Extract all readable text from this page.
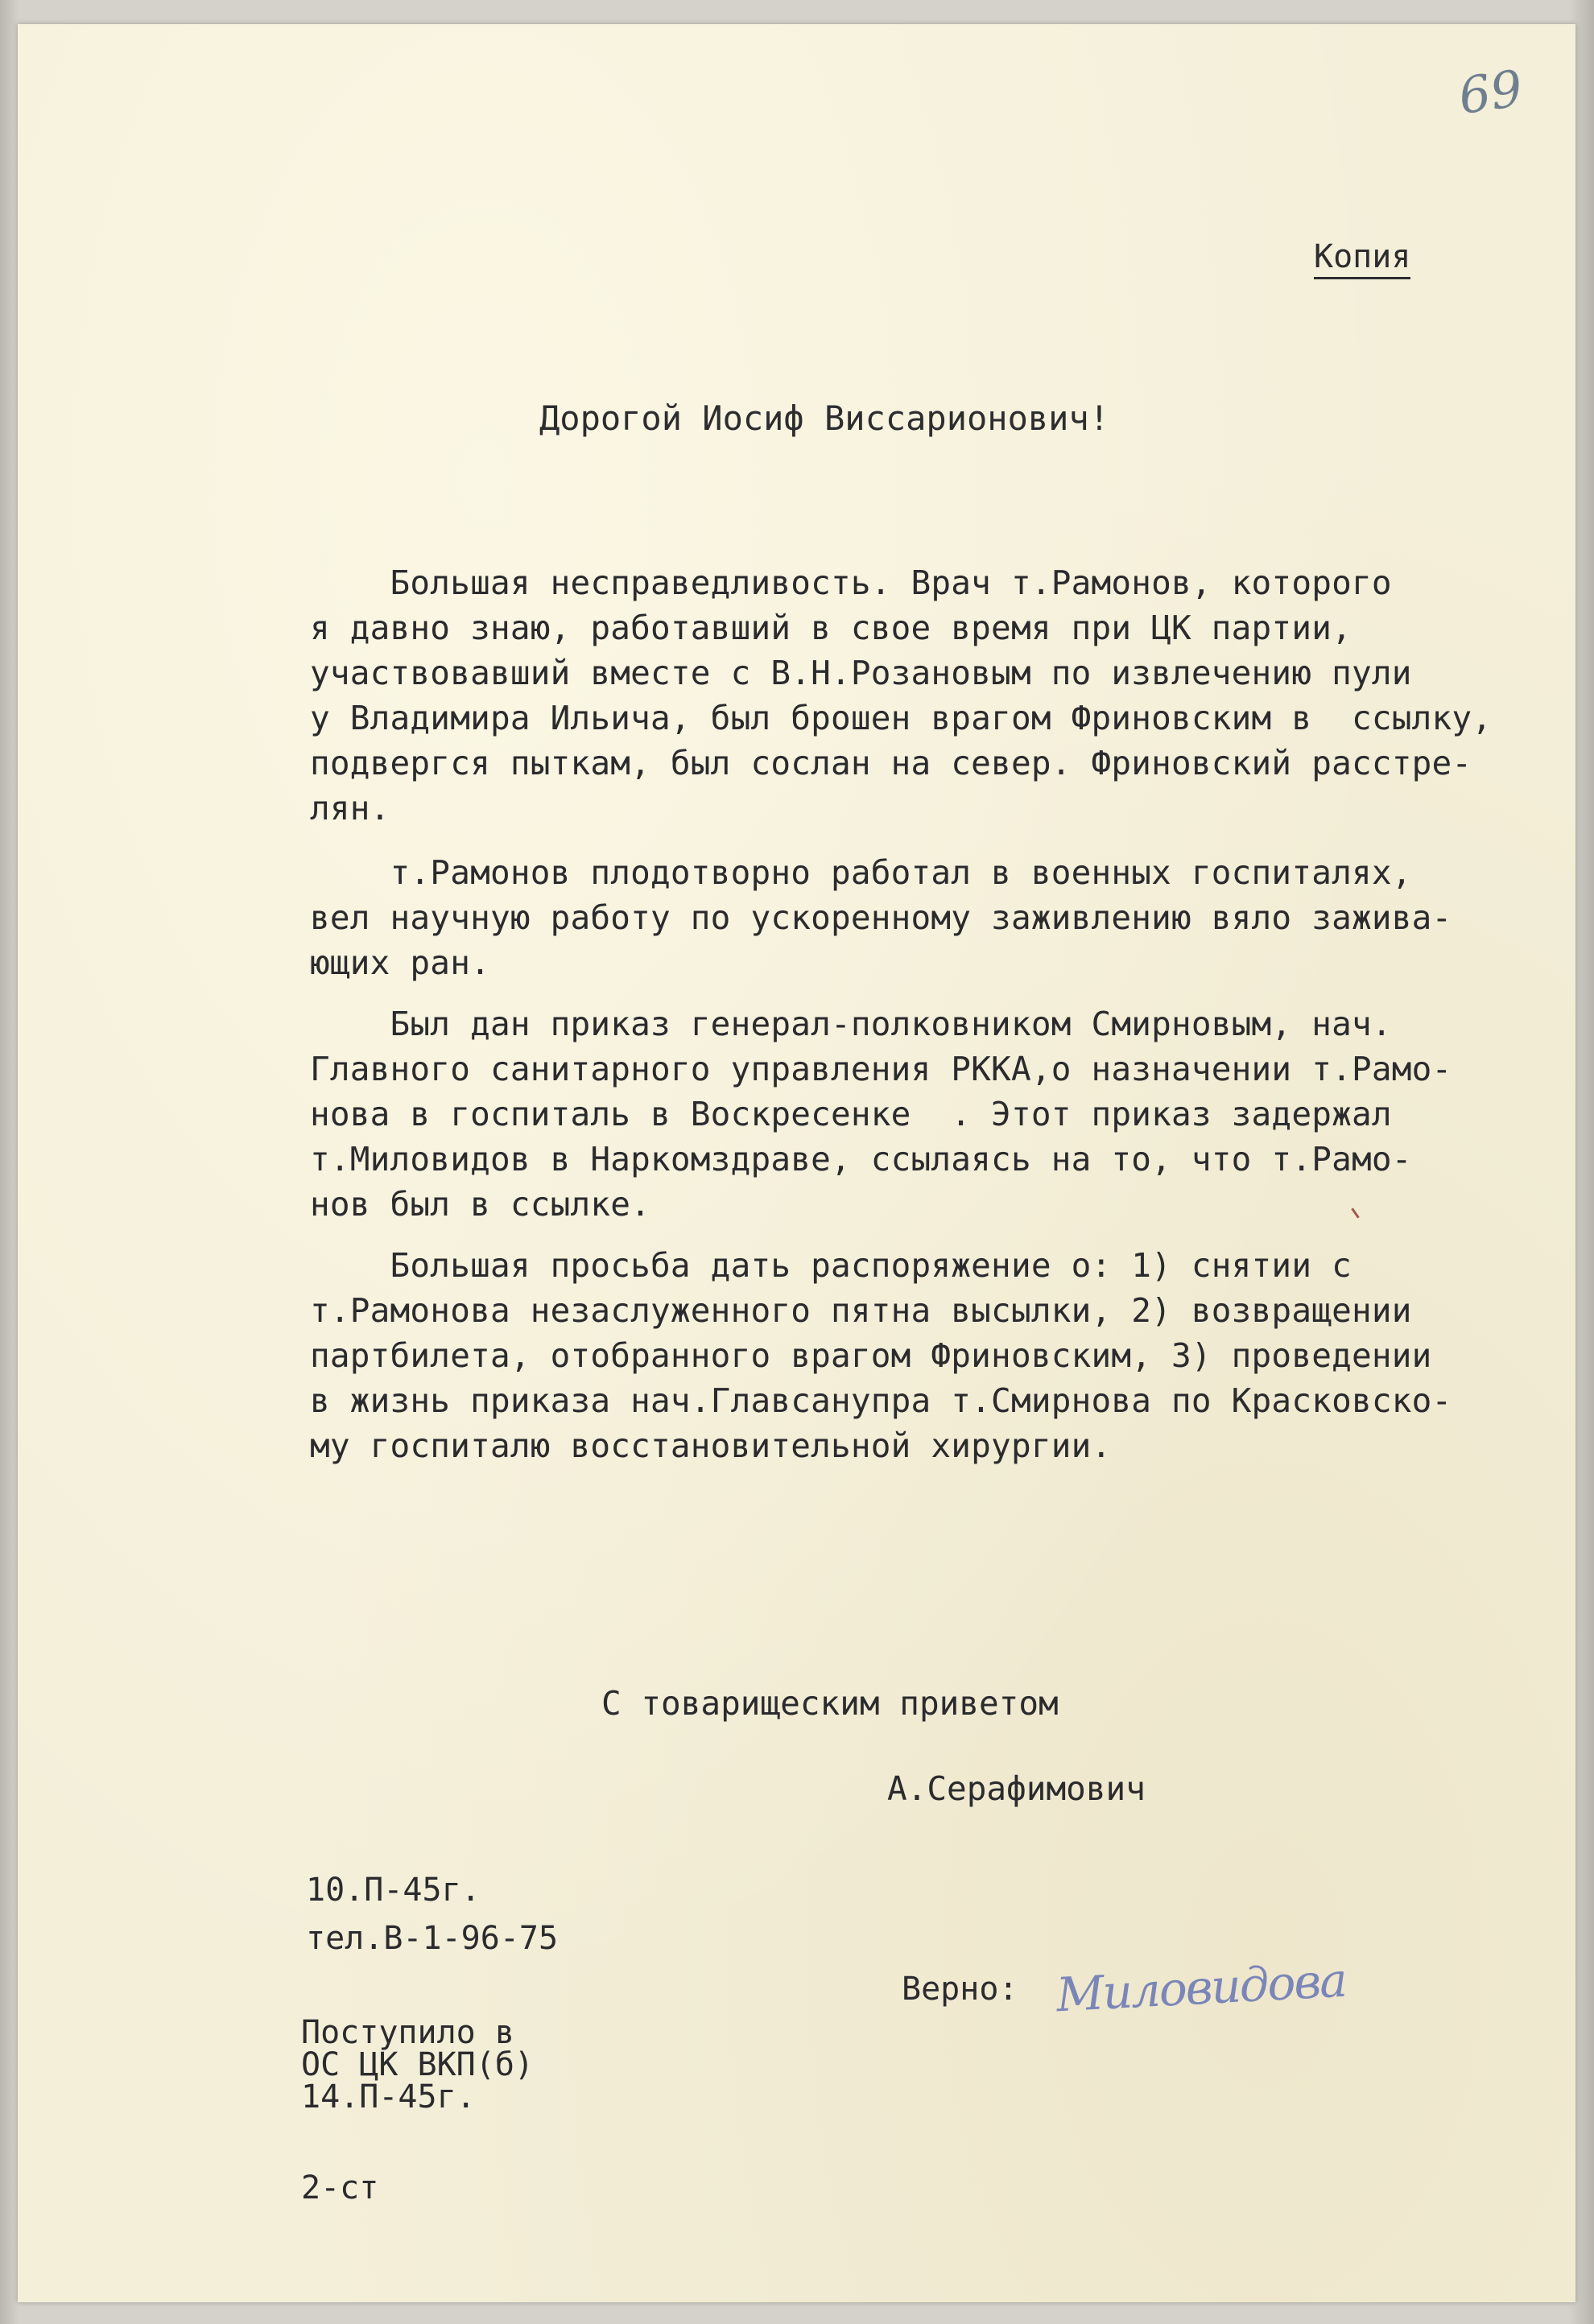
69
Копия
Дорогой Иосиф Виссарионович!
Большая несправедливость. Врач т.Рамонов, которого
я давно знаю, работавший в свое время при ЦК партии,
участвовавший вместе с В.Н.Розановым по извлечению пули
у Владимира Ильича, был брошен врагом Фриновским в  ссылку,
подвергся пыткам, был сослан на север. Фриновский расстре-
лян.
т.Рамонов плодотворно работал в военных госпиталях,
вел научную работу по ускоренному заживлению вяло заживa-
ющих ран.
Был дан приказ генерал-полковником Смирновым, нач.
Главного санитарного управления РККА,о назначении т.Рамо-
нова в госпиталь в Воскресенке  . Этот приказ задержал
т.Миловидов в Наркомздраве, ссылаясь на то, что т.Рамо-
нов был в ссылке.
Большая просьба дать распоряжение о: 1) снятии с
т.Рамонова незаслуженного пятна высылки, 2) возвращении
партбилета, отобранного врагом Фриновским, 3) проведении
в жизнь приказа нач.Главсанупра т.Смирнова по Красковско-
му госпиталю восстановительной хирургии.
С товарищеским приветом
А.Серафимович
10.П-45г.
тел.В-1-96-75
Верно: Миловидова
Поступило в
ОС ЦК ВКП(б)
14.П-45г.
2-ст
